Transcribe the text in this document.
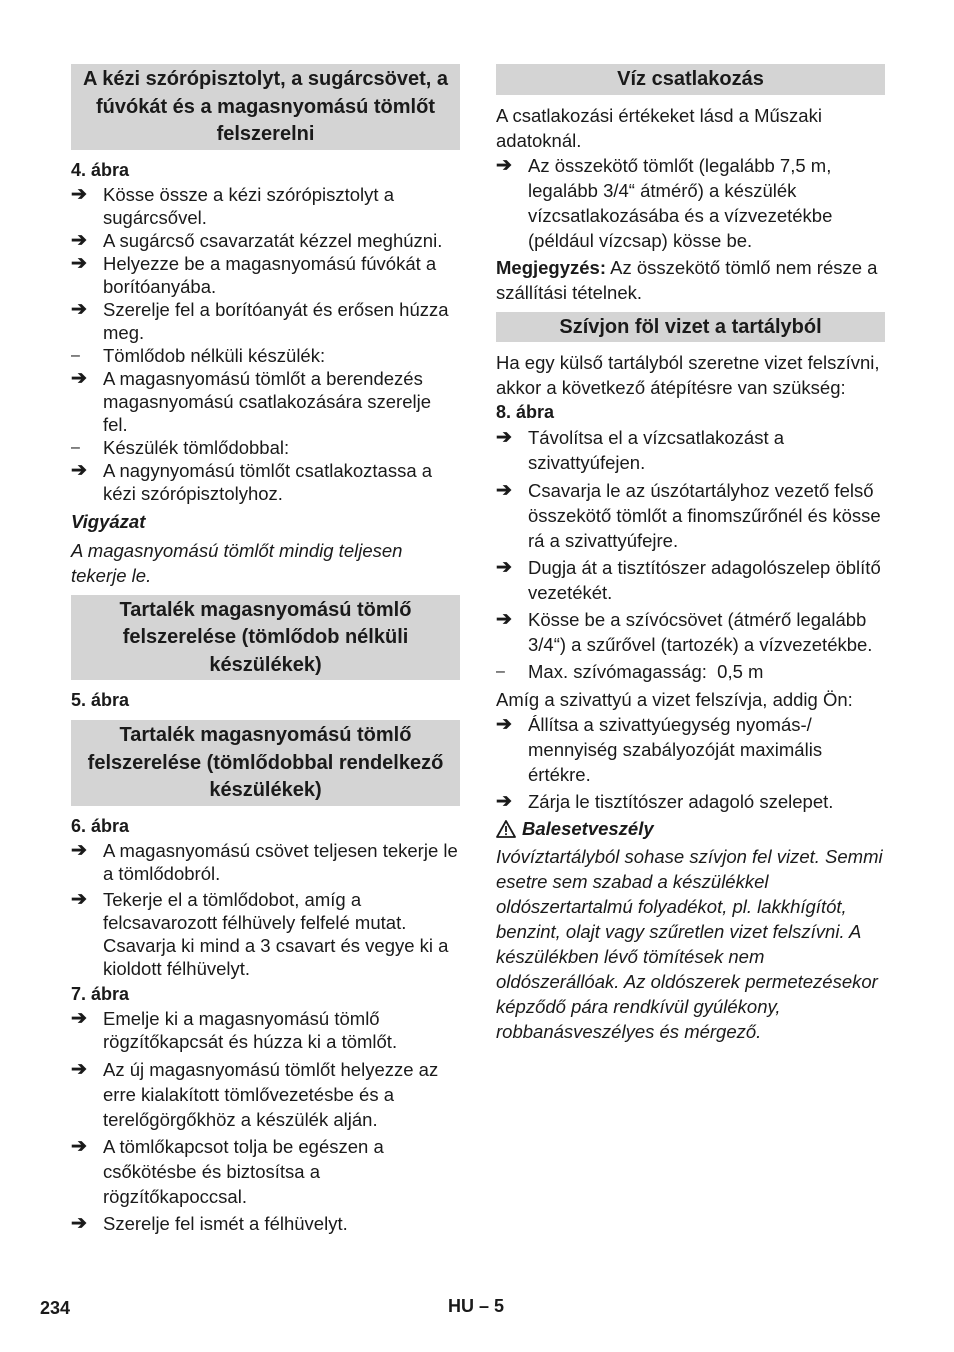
A kézi szórópisztolyt, a sugárcsövet, a fúvókát és a magasnyomású tömlőt felszerelni
4. ábra
➔ Kösse össze a kézi szórópisztolyt a sugárcsővel.
➔ A sugárcső csavarzatát kézzel meghúzni.
➔ Helyezze be a magasnyomású fúvókát a borítóanyába.
➔ Szerelje fel a borítóanyát és erősen húzza meg.
– Tömlődob nélküli készülék:
➔ A magasnyomású tömlőt a berendezés magasnyomású csatlakozására szerelje fel.
– Készülék tömlődobbal:
➔ A nagynyomású tömlőt csatlakoztassa a kézi szórópisztolyhoz.
Vigyázat
A magasnyomású tömlőt mindig teljesen tekerje le.
Tartalék magasnyomású tömlő felszerelése (tömlődob nélküli készülékek)
5. ábra
Tartalék magasnyomású tömlő felszerelése (tömlődobbal rendelkező készülékek)
6. ábra
➔ A magasnyomású csövet teljesen tekerje le a tömlődobról.
➔ Tekerje el a tömlődobot, amíg a felcsavarozott félhüvely felfelé mutat. Csavarja ki mind a 3 csavart és vegye ki a kioldott félhüvelyt.
7. ábra
➔ Emelje ki a magasnyomású tömlő rögzítőkapcsát és húzza ki a tömlőt.
➔ Az új magasnyomású tömlőt helyezze az erre kialakított tömlővezetésbe és a terelőgörgőkhöz a készülék alján.
➔ A tömlőkapcsot tolja be egészen a csőkötésbe és biztosítsa a rögzítőkapoccsal.
➔ Szerelje fel ismét a félhüvelyt.
Víz csatlakozás
A csatlakozási értékeket lásd a Műszaki adatoknál.
➔ Az összekötő tömlőt (legalább 7,5 m, legalább 3/4“ átmérő) a készülék vízcsatlakozásába és a vízvezetékbe (például vízcsap) kösse be.
Megjegyzés: Az összekötő tömlő nem része a szállítási tételnek.
Szívjon föl vizet a tartályból
Ha egy külső tartályból szeretne vizet felszívni, akkor a következő átépítésre van szükség:
8. ábra
➔ Távolítsa el a vízcsatlakozást a szivattyúfejen.
➔ Csavarja le az úszótartályhoz vezető felső összekötő tömlőt a finomszűrőnél és kösse rá a szivattyúfejre.
➔ Dugja át a tisztítószer adagolószelep öblítő vezetékét.
➔ Kösse be a szívócsövet (átmérő legalább 3/4“) a szűrővel (tartozék) a vízvezetékbe.
– Max. szívómagasság:  0,5 m
Amíg a szivattyú a vizet felszívja, addig Ön:
➔ Állítsa a szivattyúegység nyomás-/ mennyiség szabályozóját maximális értékre.
➔ Zárja le tisztítószer adagoló szelepet.
Balesetveszély
Ivóvíztartályból sohase szívjon fel vizet. Semmi esetre sem szabad a készülékkel oldószertartalmú folyadékot, pl. lakkhígítót, benzint, olajt vagy szűretlen vizet felszívni. A készülékben lévő tömítések nem oldószerállóak. Az oldószerek permetezésekor képződő pára rendkívül gyúlékony, robbanásveszélyes és mérgező.
234	HU – 5
